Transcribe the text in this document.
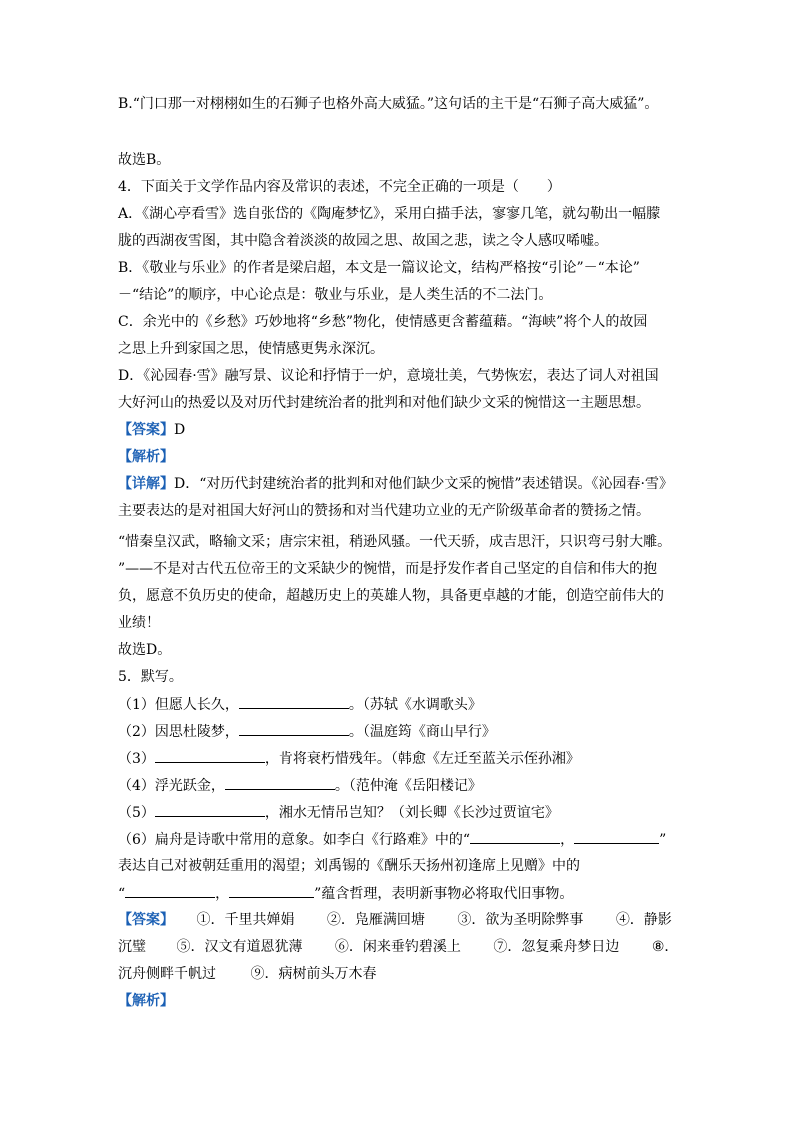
B.“门口那一对栩栩如生的石狮子也格外高大威猛。”这句话的主干是“石狮子高大威猛”。
故选B。
4．下面关于文学作品内容及常识的表述，不完全正确的一项是（　　）
A．《湖心亭看雪》选自张岱的《陶庵梦忆》，采用白描手法，寥寥几笔，就勾勒出一幅朦
胧的西湖夜雪图，其中隐含着淡淡的故园之思、故国之悲，读之令人感叹唏嘘。
B．《敬业与乐业》的作者是梁启超，本文是一篇议论文，结构严格按“引论”－“本论”
－“结论”的顺序，中心论点是：敬业与乐业，是人类生活的不二法门。
C．余光中的《乡愁》巧妙地将“乡愁”物化，使情感更含蓄蕴藉。“海峡”将个人的故园
之思上升到家国之思，使情感更隽永深沉。
D．《沁园春·雪》融写景、议论和抒情于一炉，意境壮美，气势恢宏，表达了词人对祖国
大好河山的热爱以及对历代封建统治者的批判和对他们缺少文采的惋惜这一主题思想。
【答案】D
【解析】
【详解】D．“对历代封建统治者的批判和对他们缺少文采的惋惜”表述错误。《沁园春·雪》
主要表达的是对祖国大好河山的赞扬和对当代建功立业的无产阶级革命者的赞扬之情。
“惜秦皇汉武，略输文采；唐宗宋祖，稍逊风骚。一代天骄，成吉思汗，只识弯弓射大雕。
”——不是对古代五位帝王的文采缺少的惋惜，而是抒发作者自己坚定的自信和伟大的抱
负，愿意不负历史的使命，超越历史上的英雄人物，具备更卓越的才能，创造空前伟大的
业绩！
故选D。
5．默写。
（1）但愿人长久，	。（苏轼《水调歌头》
（2）因思杜陵梦，	。（温庭筠《商山早行》
（3）	，肯将衰朽惜残年。（韩愈《左迁至蓝关示侄孙湘》
（4）浮光跃金，	。（范仲淹《岳阳楼记》
（5）	，湘水无情吊岂知？（刘长卿《长沙过贾谊宅》
（6）扁舟是诗歌中常用的意象。如李白《行路难》中的“	，	”
表达自己对被朝廷重用的渴望；刘禹锡的《酬乐天扬州初逢席上见赠》中的
“	，	”蕴含哲理，表明新事物必将取代旧事物。
【答案】 ①．千里共婵娟 ②．凫雁满回塘 ③．欲为圣明除弊事 ④．静影
沉璧 ⑤．汉文有道恩犹薄 ⑥．闲来垂钓碧溪上 ⑦．忽复乘舟梦日边 ⑧．
沉舟侧畔千帆过 ⑨．病树前头万木春
【解析】
